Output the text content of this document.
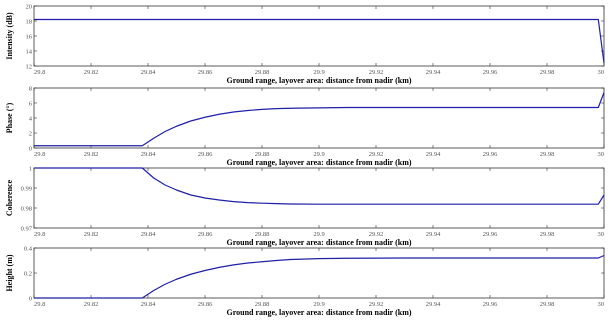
29.8	29.82	29.84	29.86	29.88	29.9	29.92	29.94	29.96	29.98	30
12
14
16
18
20
Ground range, layover area: distance from nadir (km)
Intensity (dB)
29.8	29.82	29.84	29.86	29.88	29.9	29.92	29.94	29.96	29.98	30
0
2
4
6
8
Ground range, layover area: distance from nadir (km)
Phase (°)
29.8	29.82	29.84	29.86	29.88	29.9	29.92	29.94	29.96	29.98	30
0.97
0.98
0.99
1
Ground range, layover area: distance from nadir (km)
Coherence
29.8	29.82	29.84	29.86	29.88	29.9	29.92	29.94	29.96	29.98	30
0
0.2
0.4
Ground range, layover area: distance from nadir (km)
Height (m)
